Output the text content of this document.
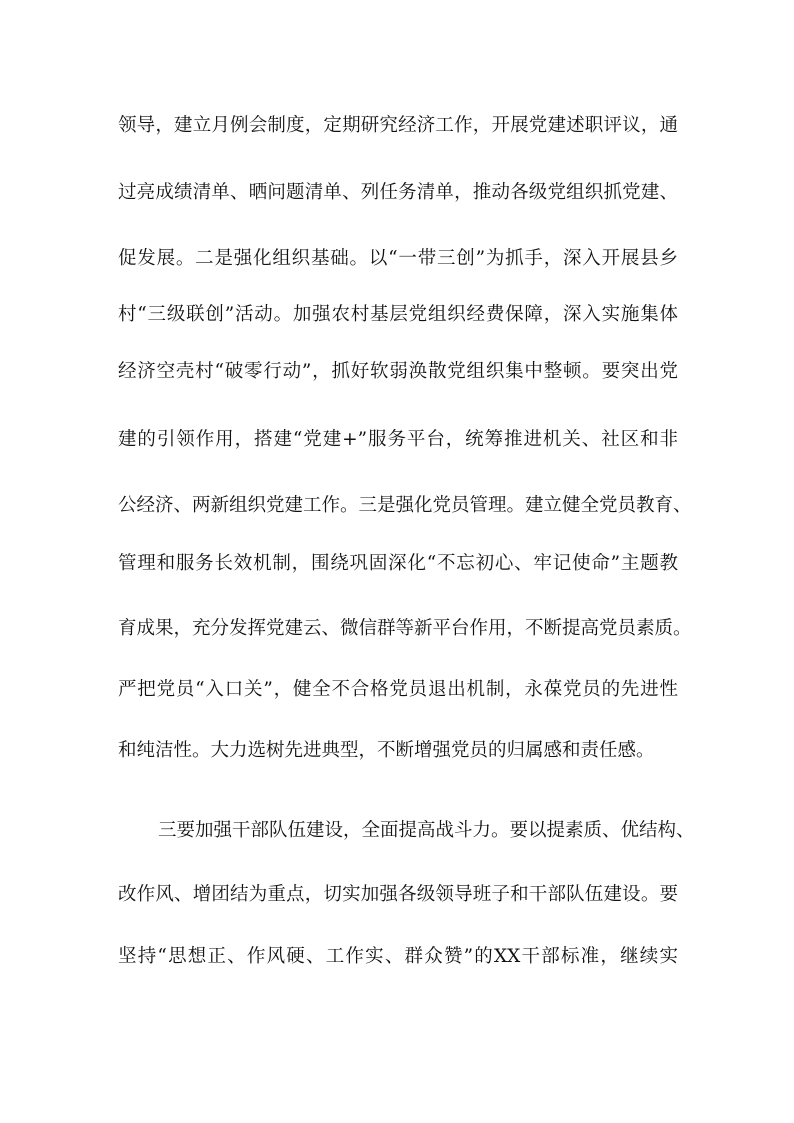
领导，建立月例会制度，定期研究经济工作，开展党建述职评议，通
过亮成绩清单、晒问题清单、列任务清单，推动各级党组织抓党建、
促发展。二是强化组织基础。以“一带三创”为抓手，深入开展县乡
村“三级联创”活动。加强农村基层党组织经费保障，深入实施集体
经济空壳村“破零行动”，抓好软弱涣散党组织集中整顿。要突出党
建的引领作用，搭建“党建+”服务平台，统筹推进机关、社区和非
公经济、两新组织党建工作。三是强化党员管理。建立健全党员教育、
管理和服务长效机制，围绕巩固深化“不忘初心、牢记使命”主题教
育成果，充分发挥党建云、微信群等新平台作用，不断提高党员素质。
严把党员“入口关”，健全不合格党员退出机制，永葆党员的先进性
和纯洁性。大力选树先进典型，不断增强党员的归属感和责任感。
三要加强干部队伍建设，全面提高战斗力。要以提素质、优结构、
改作风、增团结为重点，切实加强各级领导班子和干部队伍建设。要
坚持“思想正、作风硬、工作实、群众赞”的XX干部标准，继续实
